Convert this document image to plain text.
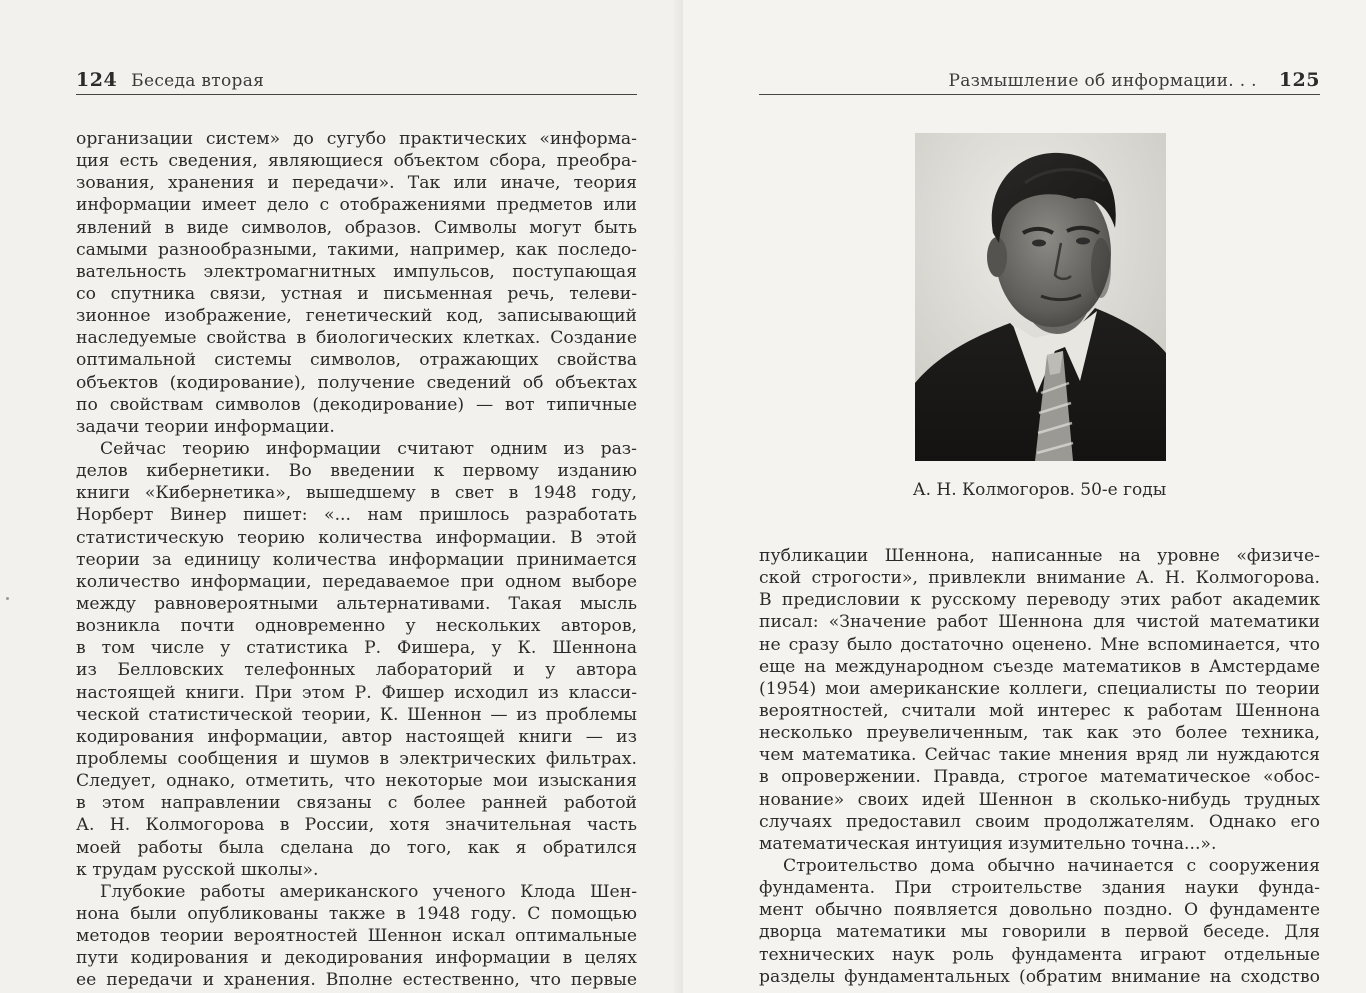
124 Беседа вторая
организации систем» до сугубо практических «информа-
ция есть сведения, являющиеся объектом сбора, преобра-
зования, хранения и передачи». Так или иначе, теория
информации имеет дело с отображениями предметов или
явлений в виде символов, образов. Символы могут быть
самыми разнообразными, такими, например, как последо-
вательность электромагнитных импульсов, поступающая
со спутника связи, устная и письменная речь, телеви-
зионное изображение, генетический код, записывающий
наследуемые свойства в биологических клетках. Создание
оптимальной системы символов, отражающих свойства
объектов (кодирование), получение сведений об объектах
по свойствам символов (декодирование) — вот типичные
задачи теории информации.
Сейчас теорию информации считают одним из раз-
делов кибернетики. Во введении к первому изданию
книги «Кибернетика», вышедшему в свет в 1948 году,
Норберт Винер пишет: «... нам пришлось разработать
статистическую теорию количества информации. В этой
теории за единицу количества информации принимается
количество информации, передаваемое при одном выборе
между равновероятными альтернативами. Такая мысль
возникла почти одновременно у нескольких авторов,
в том числе у статистика Р. Фишера, у К. Шеннона
из Белловских телефонных лабораторий и у автора
настоящей книги. При этом Р. Фишер исходил из класси-
ческой статистической теории, К. Шеннон — из проблемы
кодирования информации, автор настоящей книги — из
проблемы сообщения и шумов в электрических фильтрах.
Следует, однако, отметить, что некоторые мои изыскания
в этом направлении связаны с более ранней работой
А. Н. Колмогорова в России, хотя значительная часть
моей работы была сделана до того, как я обратился
к трудам русской школы».
Глубокие работы американского ученого Клода Шен-
нона были опубликованы также в 1948 году. С помощью
методов теории вероятностей Шеннон искал оптимальные
пути кодирования и декодирования информации в целях
ее передачи и хранения. Вполне естественно, что первые
Размышление об информации. . . 125
А. Н. Колмогоров. 50-е годы
публикации Шеннона, написанные на уровне «физиче-
ской строгости», привлекли внимание А. Н. Колмогорова.
В предисловии к русскому переводу этих работ академик
писал: «Значение работ Шеннона для чистой математики
не сразу было достаточно оценено. Мне вспоминается, что
еще на международном съезде математиков в Амстердаме
(1954) мои американские коллеги, специалисты по теории
вероятностей, считали мой интерес к работам Шеннона
несколько преувеличенным, так как это более техника,
чем математика. Сейчас такие мнения вряд ли нуждаются
в опровержении. Правда, строгое математическое «обос-
нование» своих идей Шеннон в сколько-нибудь трудных
случаях предоставил своим продолжателям. Однако его
математическая интуиция изумительно точна...».
Строительство дома обычно начинается с сооружения
фундамента. При строительстве здания науки фунда-
мент обычно появляется довольно поздно. О фундаменте
дворца математики мы говорили в первой беседе. Для
технических наук роль фундамента играют отдельные
разделы фундаментальных (обратим внимание на сходство
